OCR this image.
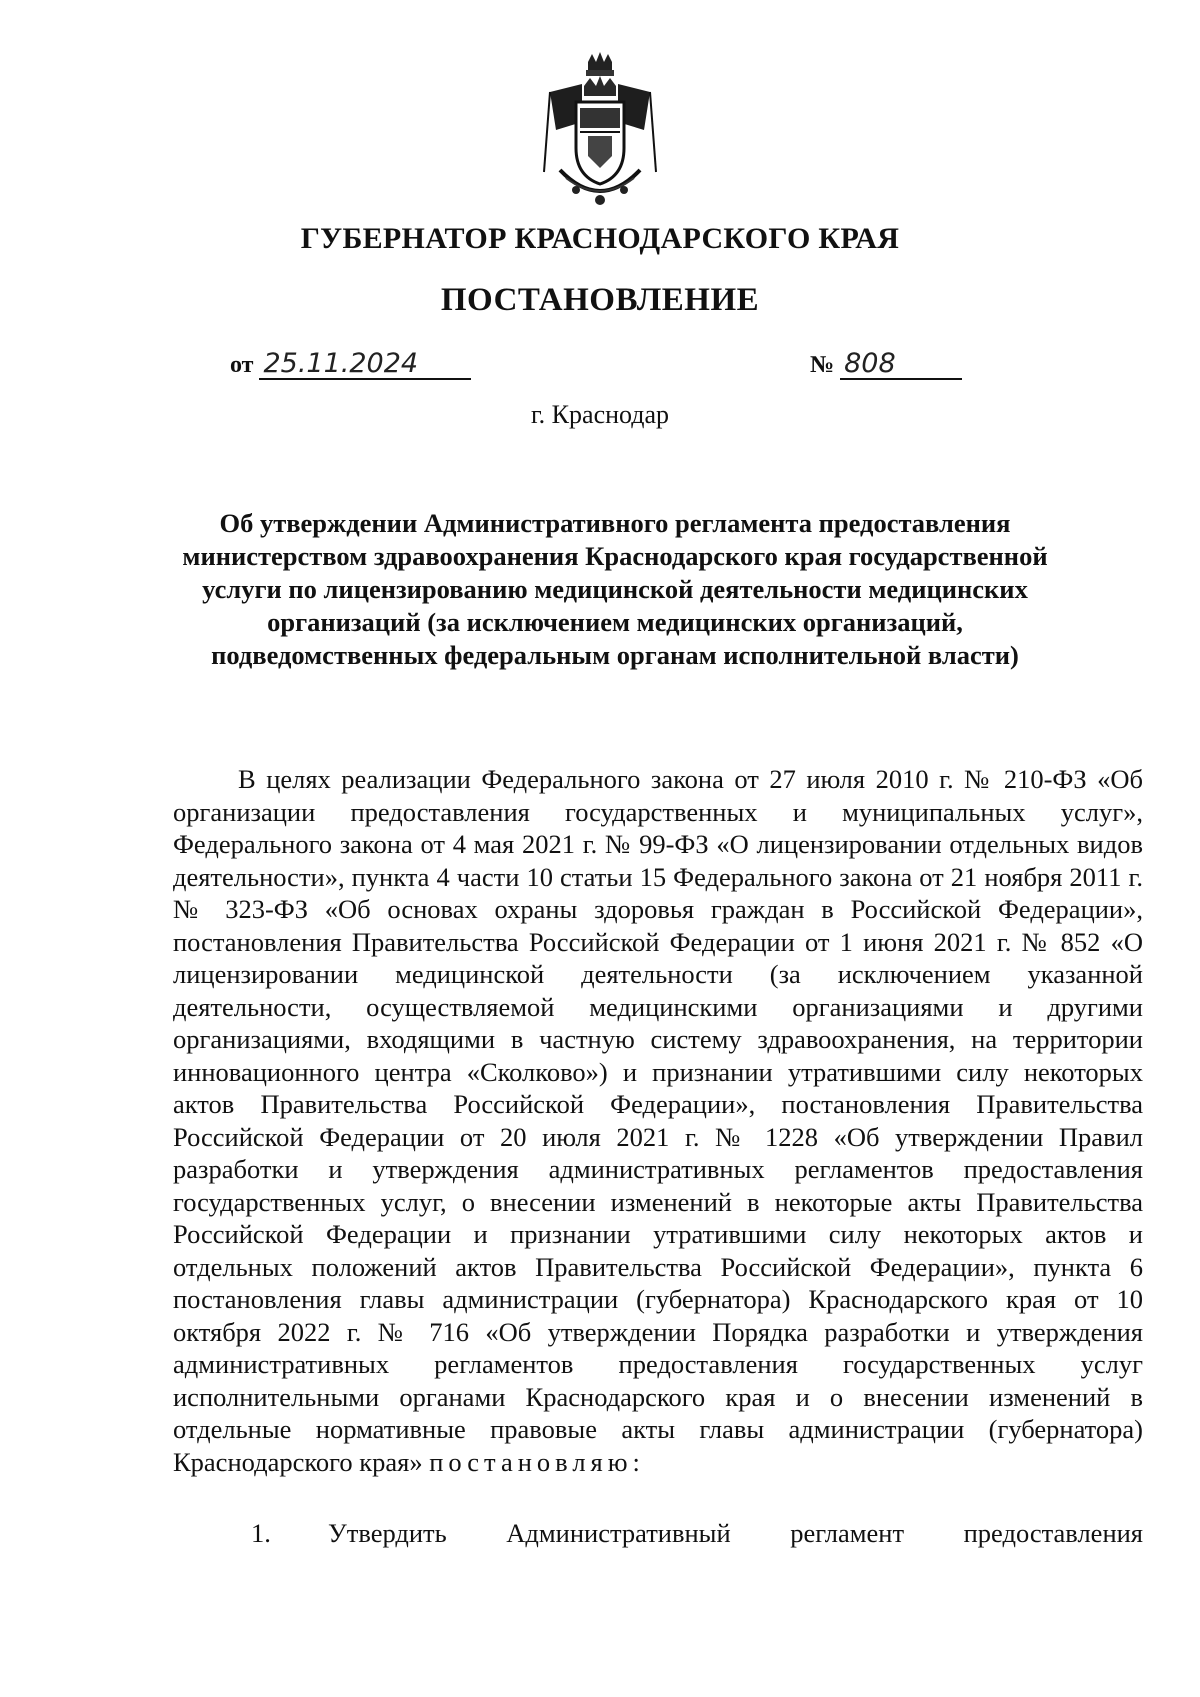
ГУБЕРНАТОР КРАСНОДАРСКОГО КРАЯ
ПОСТАНОВЛЕНИЕ
от 25.11.2024	№ 808
г. Краснодар
Об утверждении Административного регламента предоставления министерством здравоохранения Краснодарского края государственной услуги по лицензированию медицинской деятельности медицинских организаций (за исключением медицинских организаций, подведомственных федеральным органам исполнительной власти)
В целях реализации Федерального закона от 27 июля 2010 г. № 210-ФЗ «Об организации предоставления государственных и муниципальных услуг», Федерального закона от 4 мая 2021 г. № 99-ФЗ «О лицензировании отдельных видов деятельности», пункта 4 части 10 статьи 15 Федерального закона от 21 ноября 2011 г. № 323-ФЗ «Об основах охраны здоровья граждан в Российской Федерации», постановления Правительства Российской Федерации от 1 июня 2021 г. № 852 «О лицензировании медицинской деятельности (за исключением указанной деятельности, осуществляемой медицинскими организациями и другими организациями, входящими в частную систему здравоохранения, на территории инновационного центра «Сколково») и признании утратившими силу некоторых актов Правительства Российской Федерации», постановления Правительства Российской Федерации от 20 июля 2021 г. № 1228 «Об утверждении Правил разработки и утверждения административных регламентов предоставления государственных услуг, о внесении изменений в некоторые акты Правительства Российской Федерации и признании утратившими силу некоторых актов и отдельных положений актов Правительства Российской Федерации», пункта 6 постановления главы администрации (губернатора) Краснодарского края от 10 октября 2022 г. № 716 «Об утверждении Порядка разработки и утверждения административных регламентов предоставления государственных услуг исполнительными органами Краснодарского края и о внесении изменений в отдельные нормативные правовые акты главы администрации (губернатора) Краснодарского края» постановляю:
1. Утвердить Административный регламент предоставления
